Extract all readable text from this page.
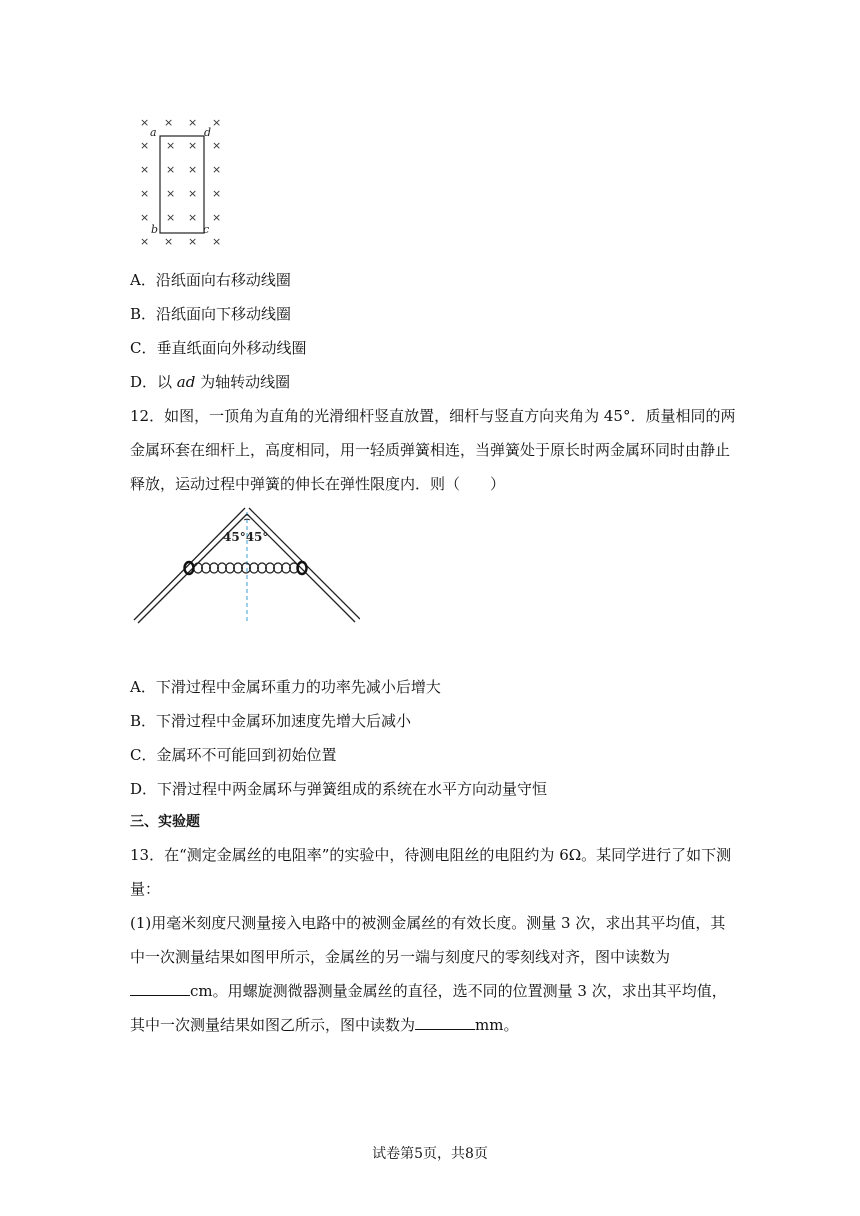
× × × ×
× × × ×
× × × ×
× × × ×
× × × ×
× × × ×
a	d
b	c
A．沿纸面向右移动线圈
B．沿纸面向下移动线圈
C．垂直纸面向外移动线圈
D．以 ad 为轴转动线圈
12．如图，一顶角为直角的光滑细杆竖直放置，细杆与竖直方向夹角为 45°．质量相同的两
金属环套在细杆上，高度相同，用一轻质弹簧相连，当弹簧处于原长时两金属环同时由静止
释放，运动过程中弹簧的伸长在弹性限度内．则（　　）
45°45°
A．下滑过程中金属环重力的功率先减小后增大
B．下滑过程中金属环加速度先增大后减小
C．金属环不可能回到初始位置
D．下滑过程中两金属环与弹簧组成的系统在水平方向动量守恒
三、实验题
13．在“测定金属丝的电阻率”的实验中，待测电阻丝的电阻约为 6Ω。某同学进行了如下测
量：
(1)用毫米刻度尺测量接入电路中的被测金属丝的有效长度。测量 3 次，求出其平均值，其
中一次测量结果如图甲所示，金属丝的另一端与刻度尺的零刻线对齐，图中读数为
cm。用螺旋测微器测量金属丝的直径，选不同的位置测量 3 次，求出其平均值，
其中一次测量结果如图乙所示，图中读数为	mm。
试卷第5页，共8页
